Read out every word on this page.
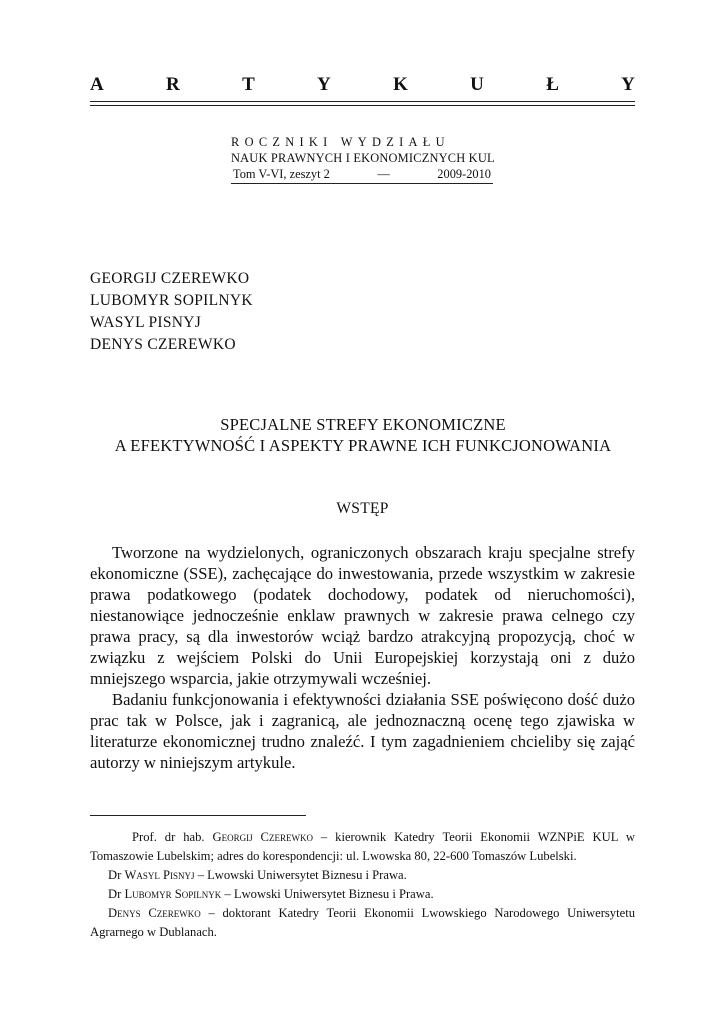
A	R	T	Y	K	U	Ł	Y
ROCZNIKI WYDZIAŁU
NAUK PRAWNYCH I EKONOMICZNYCH KUL
Tom V-VI, zeszyt 2	—	2009-2010
GEORGIJ CZEREWKO
LUBOMYR SOPILNYK
WASYL PISNYJ
DENYS CZEREWKO
SPECJALNE STREFY EKONOMICZNE
A EFEKTYWNOŚĆ I ASPEKTY PRAWNE ICH FUNKCJONOWANIA
WSTĘP

Tworzone na wydzielonych, ograniczonych obszarach kraju specjalne strefy ekonomiczne (SSE), zachęcające do inwestowania, przede wszystkim w zakresie prawa podatkowego (podatek dochodowy, podatek od nieruchomości), niestanowiące jednocześnie enklaw prawnych w zakresie prawa celnego czy prawa pracy, są dla inwestorów wciąż bardzo atrakcyjną propozycją, choć w związku z wejściem Polski do Unii Europejskiej korzystają oni z dużo mniejszego wsparcia, jakie otrzymywali wcześniej.

Badaniu funkcjonowania i efektywności działania SSE poświęcono dość dużo prac tak w Polsce, jak i zagranicą, ale jednoznaczną ocenę tego zjawiska w literaturze ekonomicznej trudno znaleźć. I tym zagadnieniem chcieliby się zająć autorzy w niniejszym artykule.

Prof. dr hab. Georgij Czerewko – kierownik Katedry Teorii Ekonomii WZNPiE KUL w Tomaszowie Lubelskim; adres do korespondencji: ul. Lwowska 80, 22-600 Tomaszów Lubelski.

Dr Wasyl Pisnyj – Lwowski Uniwersytet Biznesu i Prawa.

Dr Lubomyr Sopilnyk – Lwowski Uniwersytet Biznesu i Prawa.

Denys Czerewko – doktorant Katedry Teorii Ekonomii Lwowskiego Narodowego Uniwersytetu Agrarnego w Dublanach.
